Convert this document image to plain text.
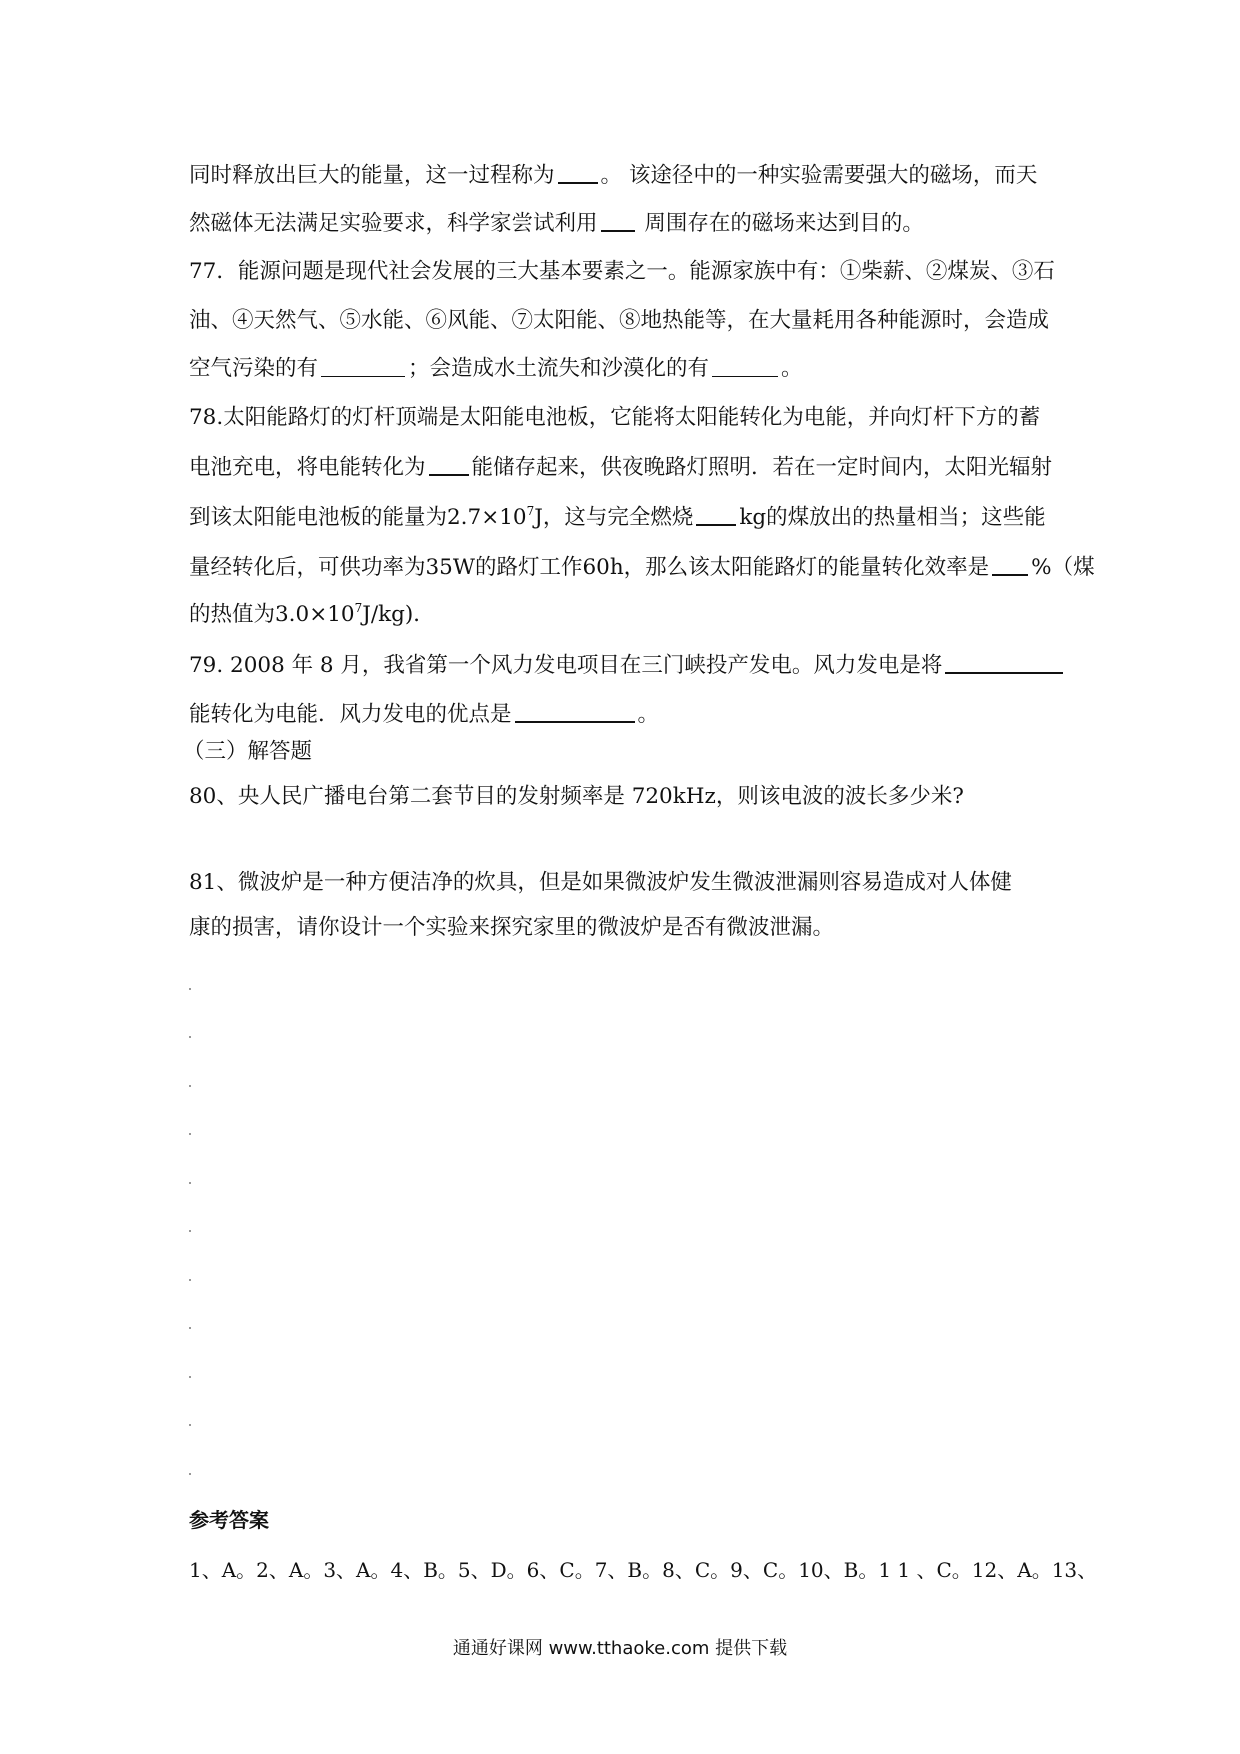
同时释放出巨大的能量，这一过程称为 。 该途径中的一种实验需要强大的磁场，而天
然磁体无法满足实验要求，科学家尝试利用 周围存在的磁场来达到目的。
77．能源问题是现代社会发展的三大基本要素之一。能源家族中有：①柴薪、②煤炭、③石
油、④天然气、⑤水能、⑥风能、⑦太阳能、⑧地热能等，在大量耗用各种能源时，会造成
空气污染的有	；会造成水土流失和沙漠化的有	。
78.太阳能路灯的灯杆顶端是太阳能电池板，它能将太阳能转化为电能，并向灯杆下方的蓄
电池充电，将电能转化为 能储存起来，供夜晚路灯照明．若在一定时间内，太阳光辐射
到该太阳能电池板的能量为$2.7\times 10^7J$，这与完全燃烧 kg的煤放出的热量相当；这些能
量经转化后，可供功率为35W的路灯工作60h，那么该太阳能路灯的能量转化效率是 %（煤
的热值为$3.0\times 10^7J/kg$)．
79. 2008 年 8 月，我省第一个风力发电项目在三门峡投产发电。风力发电是将
能转化为电能．风力发电的优点是	。
（三）解答题
80、央人民广播电台第二套节目的发射频率是 720kHz，则该电波的波长多少米?
81、微波炉是一种方便洁净的炊具，但是如果微波炉发生微波泄漏则容易造成对人体健
康的损害，请你设计一个实验来探究家里的微波炉是否有微波泄漏。
参考答案
1、A。2、A。3、A。4、B。5、D。6、C。7、B。8、C。9、C。10、B。1 1 、C。12、A。13、
通通好课网 www.tthaoke.com 提供下载
